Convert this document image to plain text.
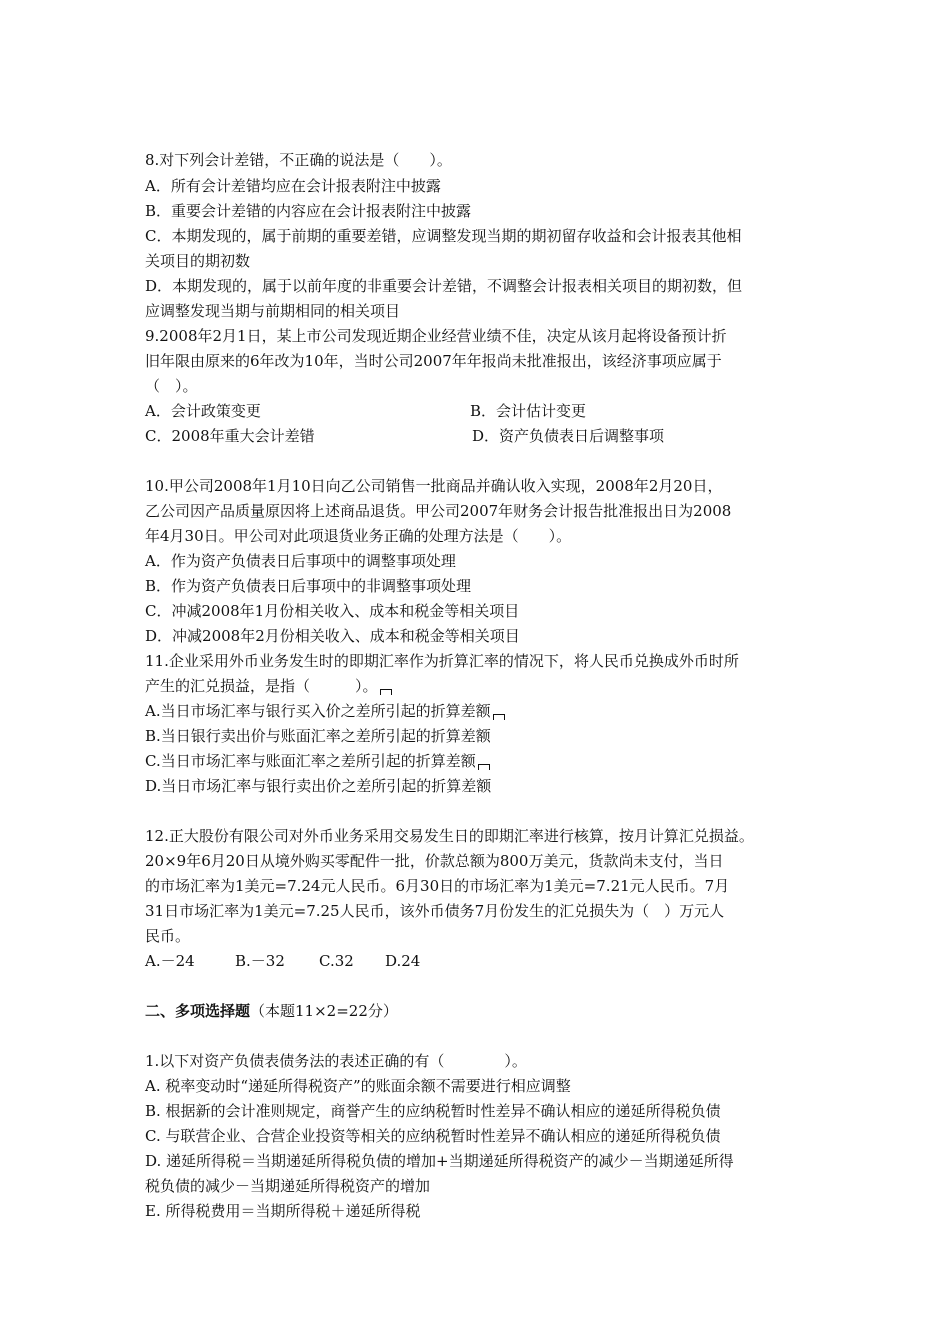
8.对下列会计差错，不正确的说法是（　　）。
A．所有会计差错均应在会计报表附注中披露
B．重要会计差错的内容应在会计报表附注中披露
C．本期发现的，属于前期的重要差错，应调整发现当期的期初留存收益和会计报表其他相
关项目的期初数
D．本期发现的，属于以前年度的非重要会计差错，不调整会计报表相关项目的期初数，但
应调整发现当期与前期相同的相关项目
9.2008年2月1日，某上市公司发现近期企业经营业绩不佳，决定从该月起将设备预计折
旧年限由原来的6年改为10年，当时公司2007年年报尚未批准报出，该经济事项应属于
（　）。
A．会计政策变更	B．会计估计变更
C．2008年重大会计差错	D．资产负债表日后调整事项
10.甲公司2008年1月10日向乙公司销售一批商品并确认收入实现，2008年2月20日，
乙公司因产品质量原因将上述商品退货。甲公司2007年财务会计报告批准报出日为2008
年4月30日。甲公司对此项退货业务正确的处理方法是（　　）。
A．作为资产负债表日后事项中的调整事项处理
B．作为资产负债表日后事项中的非调整事项处理
C．冲减2008年1月份相关收入、成本和税金等相关项目
D．冲减2008年2月份相关收入、成本和税金等相关项目
11.企业采用外币业务发生时的即期汇率作为折算汇率的情况下，将人民币兑换成外币时所
产生的汇兑损益，是指（　　　）。
A.当日市场汇率与银行买入价之差所引起的折算差额
B.当日银行卖出价与账面汇率之差所引起的折算差额
C.当日市场汇率与账面汇率之差所引起的折算差额
D.当日市场汇率与银行卖出价之差所引起的折算差额
12.正大股份有限公司对外币业务采用交易发生日的即期汇率进行核算，按月计算汇兑损益。
20×9年6月20日从境外购买零配件一批，价款总额为800万美元，货款尚未支付，当日
的市场汇率为1美元=7.24元人民币。6月30日的市场汇率为1美元=7.21元人民币。7月
31日市场汇率为1美元=7.25人民币，该外币债务7月份发生的汇兑损失为（　）万元人
民币。
A.－24	B.－32 C.32 D.24
二、多项选择题（本题11×2=22分）
1.以下对资产负债表债务法的表述正确的有（　　　　）。
A. 税率变动时“递延所得税资产”的账面余额不需要进行相应调整
B. 根据新的会计准则规定，商誉产生的应纳税暂时性差异不确认相应的递延所得税负债
C. 与联营企业、合营企业投资等相关的应纳税暂时性差异不确认相应的递延所得税负债
D. 递延所得税＝当期递延所得税负债的增加+当期递延所得税资产的减少－当期递延所得
税负债的减少－当期递延所得税资产的增加
E. 所得税费用＝当期所得税＋递延所得税
